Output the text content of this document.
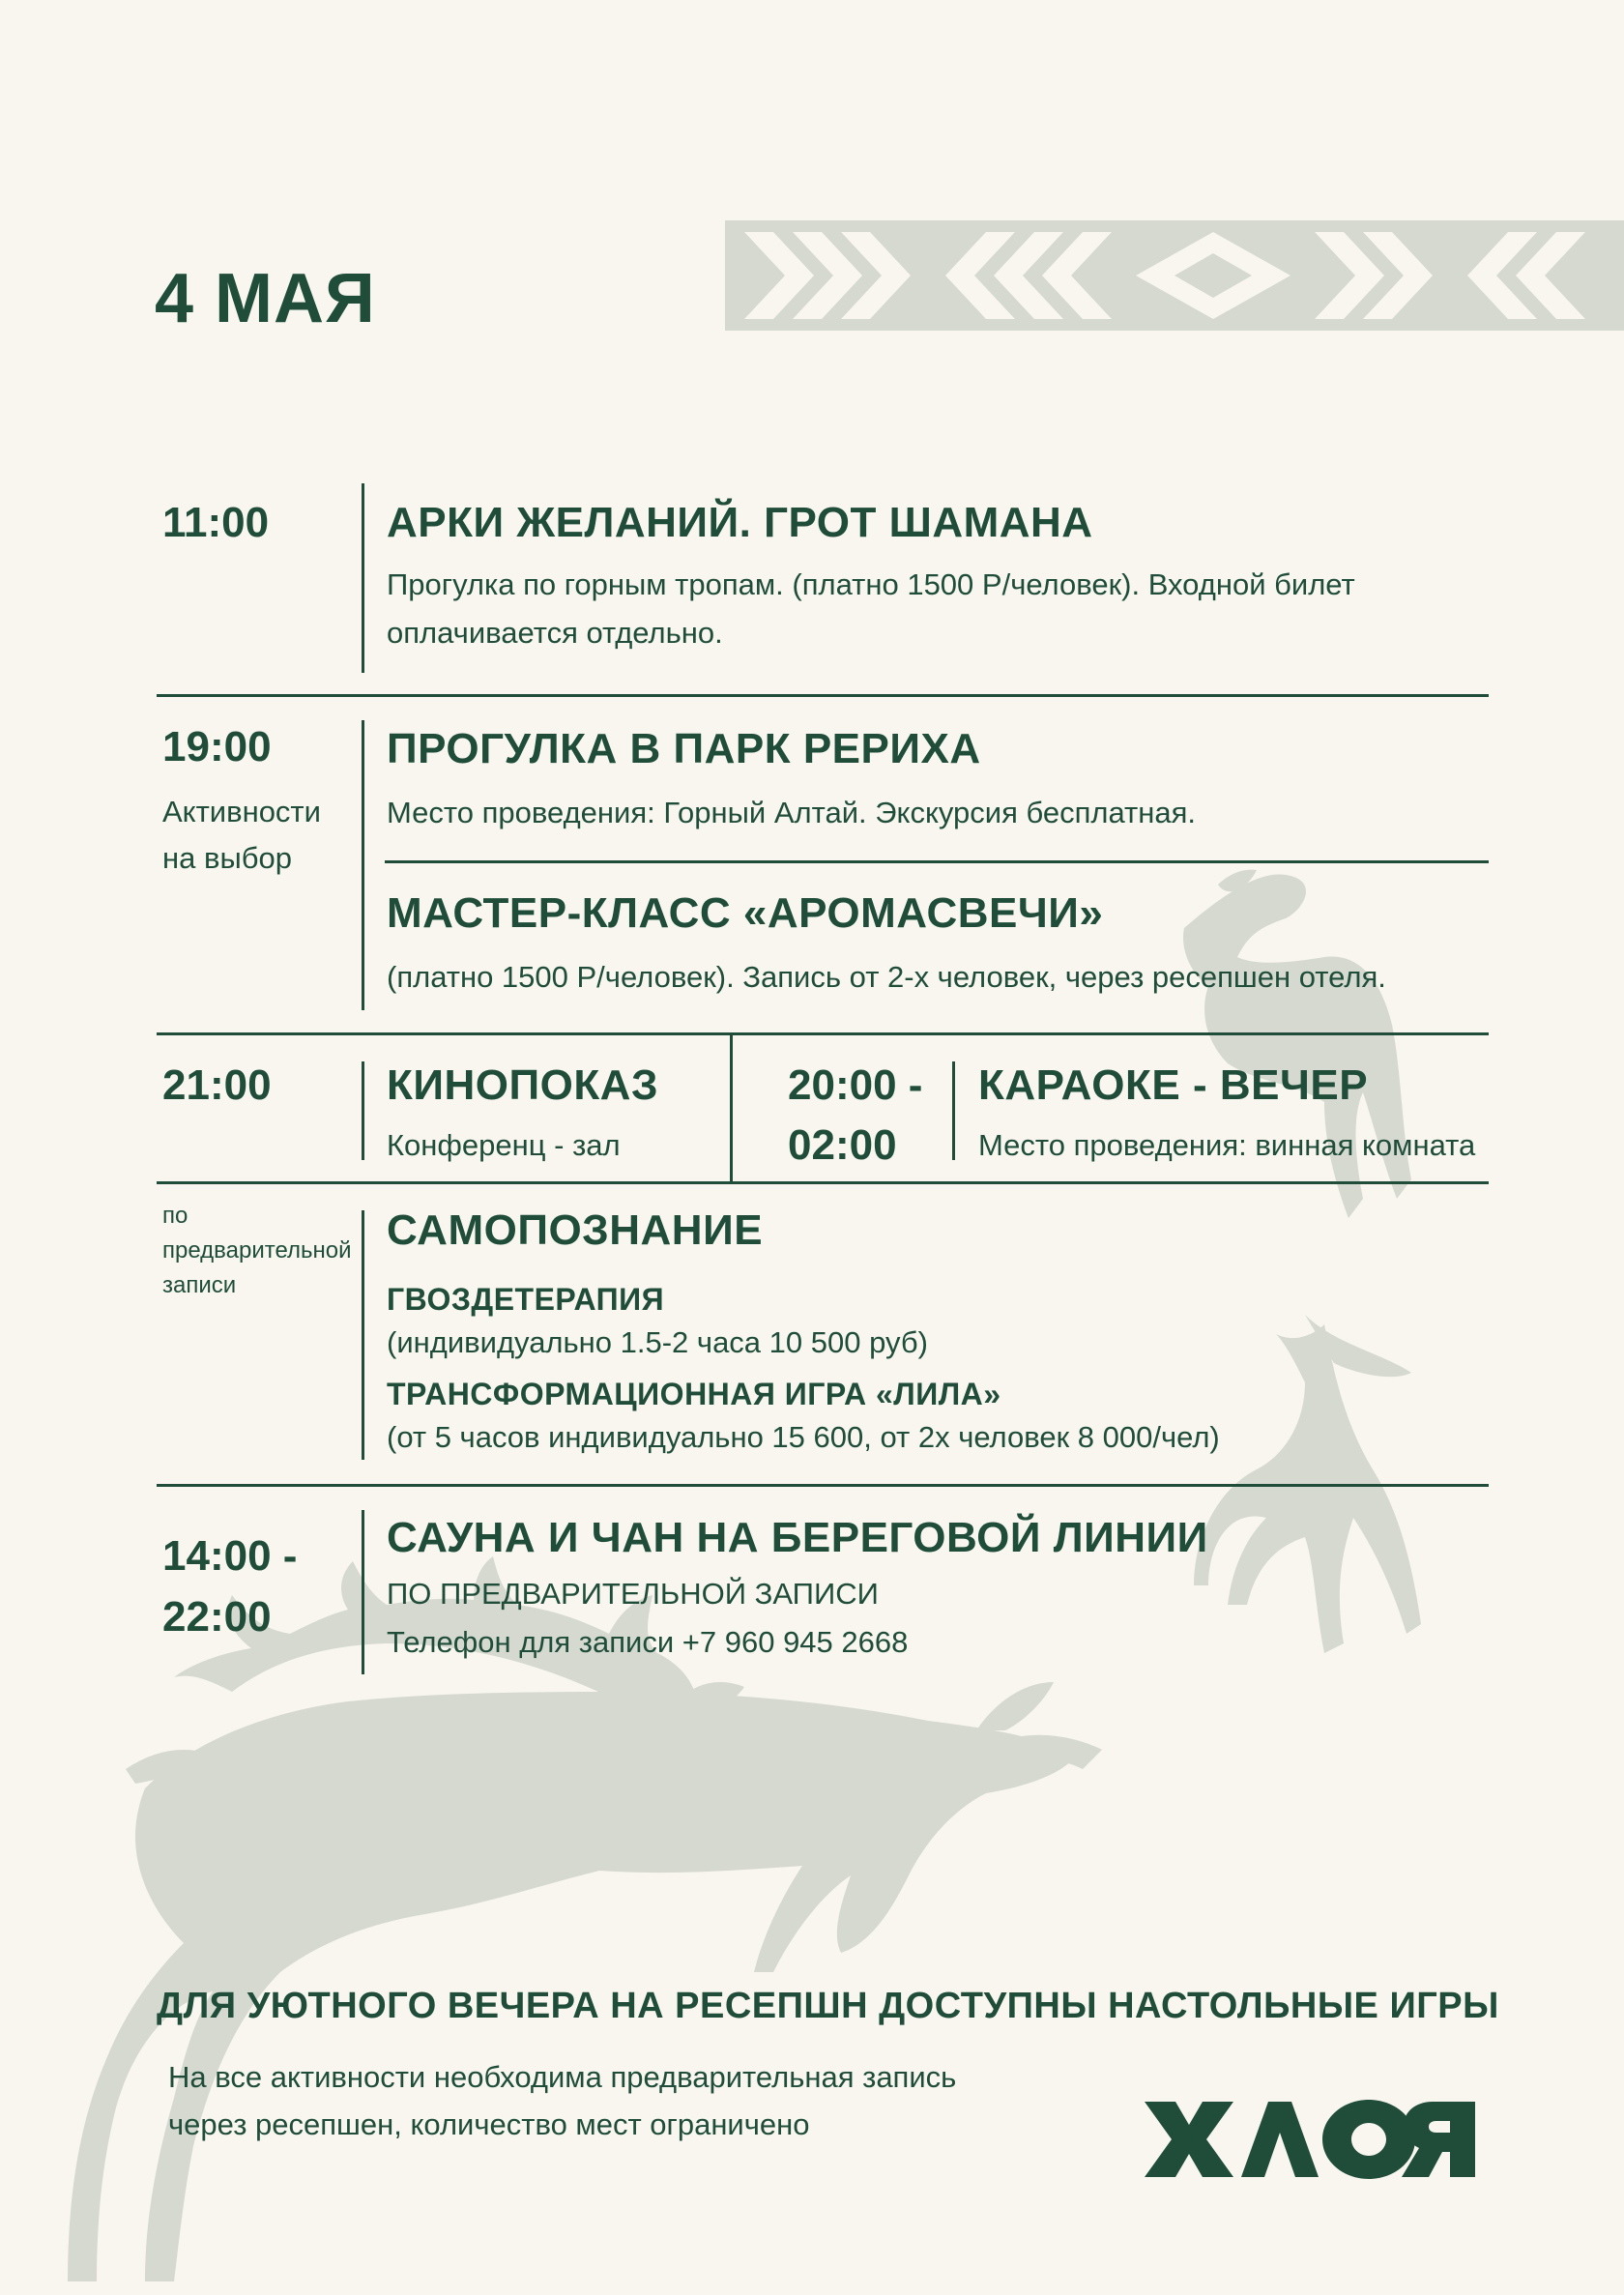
4 МАЯ
11:00	АРКИ ЖЕЛАНИЙ. ГРОТ ШАМАНА
Прогулка по горным тропам. (платно 1500 Р/человек). Входной билет
оплачивается отдельно.
19:00
Активности
на выбор
ПРОГУЛКА В ПАРК РЕРИХА
Место проведения: Горный Алтай. Экскурсия бесплатная.
МАСТЕР-КЛАСС «АРОМАСВЕЧИ»
(платно 1500 Р/человек). Запись от 2-х человек, через ресепшен отеля.
21:00	КИНОПОКАЗ
Конференц - зал
20:00 -
02:00
КАРАОКЕ - ВЕЧЕР
Место проведения: винная комната
по
предварительной
записи
САМОПОЗНАНИЕ
ГВОЗДЕТЕРАПИЯ
(индивидуально 1.5-2 часа 10 500 руб)
ТРАНСФОРМАЦИОННАЯ ИГРА «ЛИЛА»
(от 5 часов индивидуально 15 600, от 2х человек 8 000/чел)
14:00 -
22:00
САУНА И ЧАН НА БЕРЕГОВОЙ ЛИНИИ
ПО ПРЕДВАРИТЕЛЬНОЙ ЗАПИСИ
Телефон для записи +7 960 945 2668
ДЛЯ УЮТНОГО ВЕЧЕРА НА РЕСЕПШН ДОСТУПНЫ НАСТОЛЬНЫЕ ИГРЫ
На все активности необходима предварительная запись
через ресепшен, количество мест ограничено
